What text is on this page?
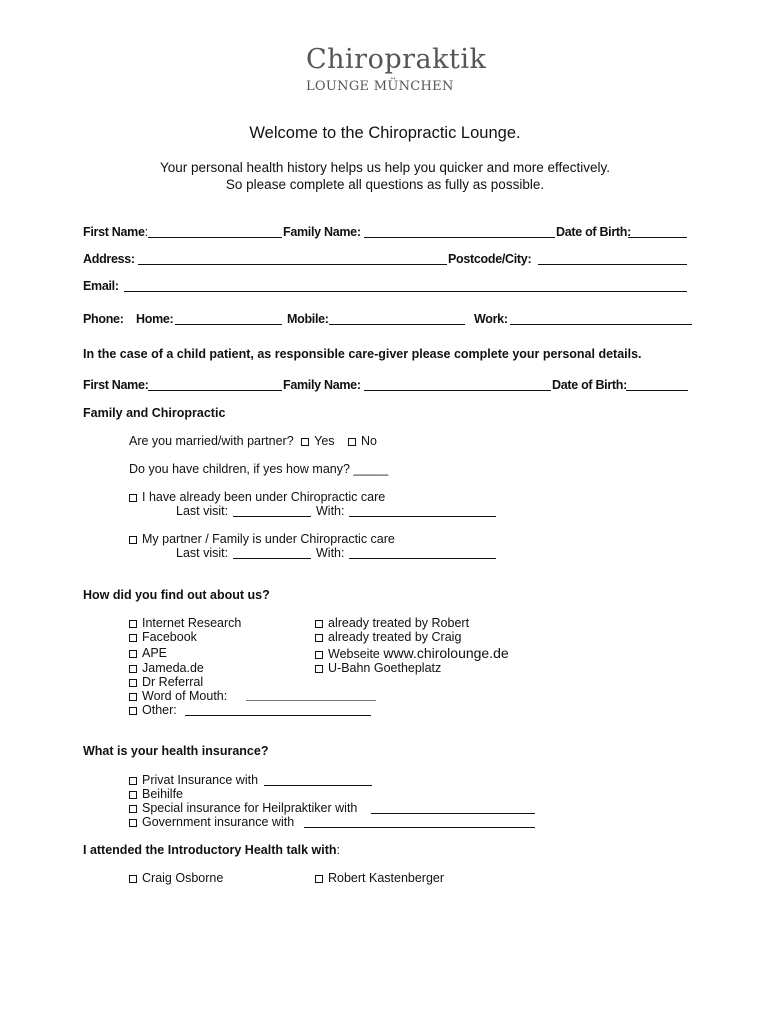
Chiropraktik
LOUNGE MÜNCHEN
Welcome to the Chiropractic Lounge.
Your personal health history helps us help you quicker and more effectively.
So please complete all questions as fully as possible.
First Name:	Family Name:	Date of Birth:
Address:	Postcode/City:
Email:
Phone: Home:	Mobile:	Work:
In the case of a child patient, as responsible care-giver please complete your personal details.
First Name:	Family Name:	Date of Birth:
Family and Chiropractic
Are you married/with partner? Yes No
Do you have children, if yes how many? _____
I have already been under Chiropractic care
Last visit:	With:
My partner / Family is under Chiropractic care
Last visit:	With:
How did you find out about us?
Internet Research
Facebook
APE
Jameda.de
Dr Referral
Word of Mouth:
Other:
already treated by Robert
already treated by Craig
Webseite www.chirolounge.de
U-Bahn Goetheplatz
What is your health insurance?
Privat Insurance with
Beihilfe
Special insurance for Heilpraktiker with
Government insurance with
I attended the Introductory Health talk with:
Craig Osborne	Robert Kastenberger
